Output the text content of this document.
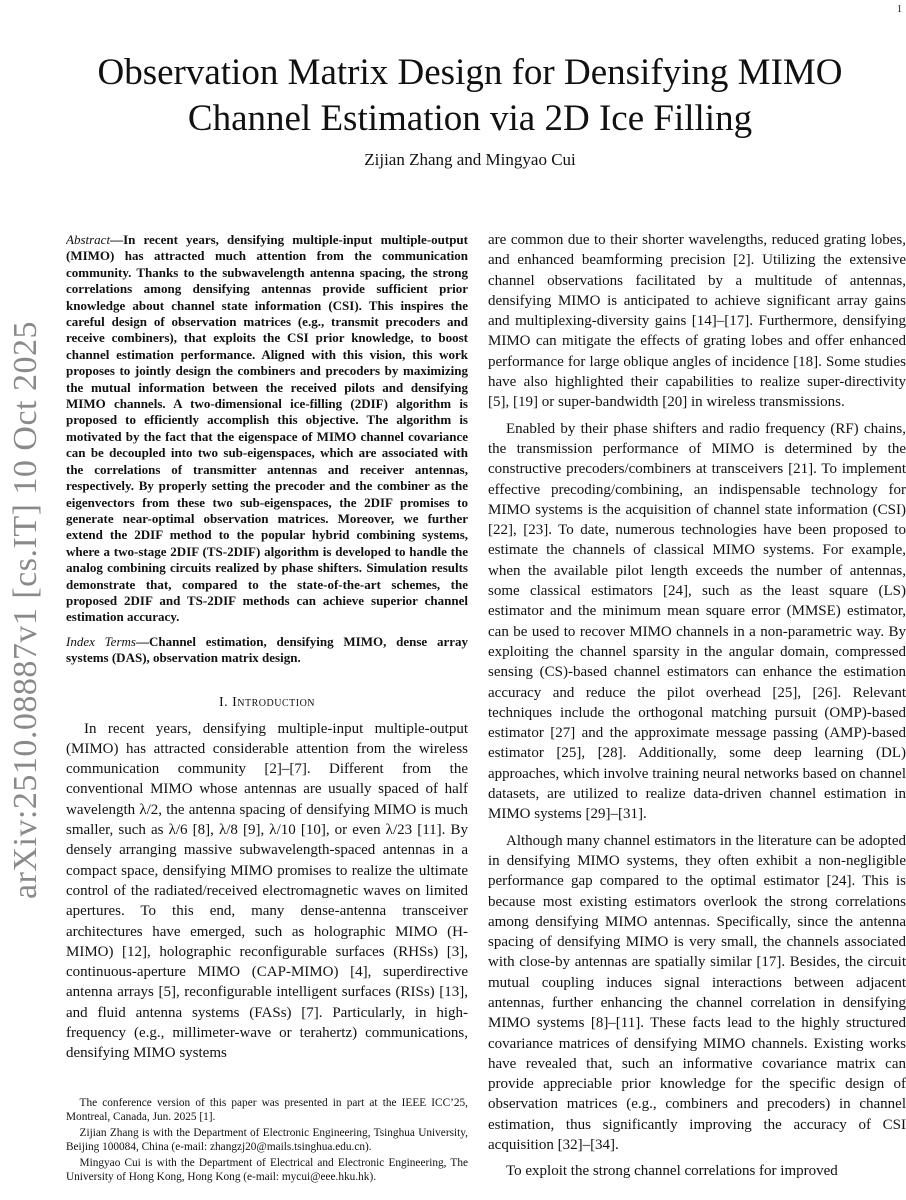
1
arXiv:2510.08887v1 [cs.IT] 10 Oct 2025
Observation Matrix Design for Densifying MIMO Channel Estimation via 2D Ice Filling

Zijian Zhang and Mingyao Cui

Abstract—In recent years, densifying multiple-input multiple-output (MIMO) has attracted much attention from the communication community. Thanks to the subwavelength antenna spacing, the strong correlations among densifying antennas provide sufficient prior knowledge about channel state information (CSI). This inspires the careful design of observation matrices (e.g., transmit precoders and receive combiners), that exploits the CSI prior knowledge, to boost channel estimation performance. Aligned with this vision, this work proposes to jointly design the combiners and precoders by maximizing the mutual information between the received pilots and densifying MIMO channels. A two-dimensional ice-filling (2DIF) algorithm is proposed to efficiently accomplish this objective. The algorithm is motivated by the fact that the eigenspace of MIMO channel covariance can be decoupled into two sub-eigenspaces, which are associated with the correlations of transmitter antennas and receiver antennas, respectively. By properly setting the precoder and the combiner as the eigenvectors from these two sub-eigenspaces, the 2DIF promises to generate near-optimal observation matrices. Moreover, we further extend the 2DIF method to the popular hybrid combining systems, where a two-stage 2DIF (TS-2DIF) algorithm is developed to handle the analog combining circuits realized by phase shifters. Simulation results demonstrate that, compared to the state-of-the-art schemes, the proposed 2DIF and TS-2DIF methods can achieve superior channel estimation accuracy.

Index Terms—Channel estimation, densifying MIMO, dense array systems (DAS), observation matrix design.

I. Introduction

In recent years, densifying multiple-input multiple-output (MIMO) has attracted considerable attention from the wireless communication community [2]–[7]. Different from the conventional MIMO whose antennas are usually spaced of half wavelength λ/2, the antenna spacing of densifying MIMO is much smaller, such as λ/6 [8], λ/8 [9], λ/10 [10], or even λ/23 [11]. By densely arranging massive subwavelength-spaced antennas in a compact space, densifying MIMO promises to realize the ultimate control of the radiated/received electromagnetic waves on limited apertures. To this end, many dense-antenna transceiver architectures have emerged, such as holographic MIMO (H-MIMO) [12], holographic reconfigurable surfaces (RHSs) [3], continuous-aperture MIMO (CAP-MIMO) [4], superdirective antenna arrays [5], reconfigurable intelligent surfaces (RISs) [13], and fluid antenna systems (FASs) [7]. Particularly, in high-frequency (e.g., millimeter-wave or terahertz) communications, densifying MIMO systems

The conference version of this paper was presented in part at the IEEE ICC’25, Montreal, Canada, Jun. 2025 [1].

Zijian Zhang is with the Department of Electronic Engineering, Tsinghua University, Beijing 100084, China (e-mail: zhangzj20@mails.tsinghua.edu.cn).

Mingyao Cui is with the Department of Electrical and Electronic Engineering, The University of Hong Kong, Hong Kong (e-mail: mycui@eee.hku.hk).

are common due to their shorter wavelengths, reduced grating lobes, and enhanced beamforming precision [2]. Utilizing the extensive channel observations facilitated by a multitude of antennas, densifying MIMO is anticipated to achieve significant array gains and multiplexing-diversity gains [14]–[17]. Furthermore, densifying MIMO can mitigate the effects of grating lobes and offer enhanced performance for large oblique angles of incidence [18]. Some studies have also highlighted their capabilities to realize super-directivity [5], [19] or super-bandwidth [20] in wireless transmissions.

Enabled by their phase shifters and radio frequency (RF) chains, the transmission performance of MIMO is determined by the constructive precoders/combiners at transceivers [21]. To implement effective precoding/combining, an indispensable technology for MIMO systems is the acquisition of channel state information (CSI) [22], [23]. To date, numerous technologies have been proposed to estimate the channels of classical MIMO systems. For example, when the available pilot length exceeds the number of antennas, some classical estimators [24], such as the least square (LS) estimator and the minimum mean square error (MMSE) estimator, can be used to recover MIMO channels in a non-parametric way. By exploiting the channel sparsity in the angular domain, compressed sensing (CS)-based channel estimators can enhance the estimation accuracy and reduce the pilot overhead [25], [26]. Relevant techniques include the orthogonal matching pursuit (OMP)-based estimator [27] and the approximate message passing (AMP)-based estimator [25], [28]. Additionally, some deep learning (DL) approaches, which involve training neural networks based on channel datasets, are utilized to realize data-driven channel estimation in MIMO systems [29]–[31].

Although many channel estimators in the literature can be adopted in densifying MIMO systems, they often exhibit a non-negligible performance gap compared to the optimal estimator [24]. This is because most existing estimators overlook the strong correlations among densifying MIMO antennas. Specifically, since the antenna spacing of densifying MIMO is very small, the channels associated with close-by antennas are spatially similar [17]. Besides, the circuit mutual coupling induces signal interactions between adjacent antennas, further enhancing the channel correlation in densifying MIMO systems [8]–[11]. These facts lead to the highly structured covariance matrices of densifying MIMO channels. Existing works have revealed that, such an informative covariance matrix can provide appreciable prior knowledge for the specific design of observation matrices (e.g., combiners and precoders) in channel estimation, thus significantly improving the accuracy of CSI acquisition [32]–[34].

To exploit the strong channel correlations for improved
